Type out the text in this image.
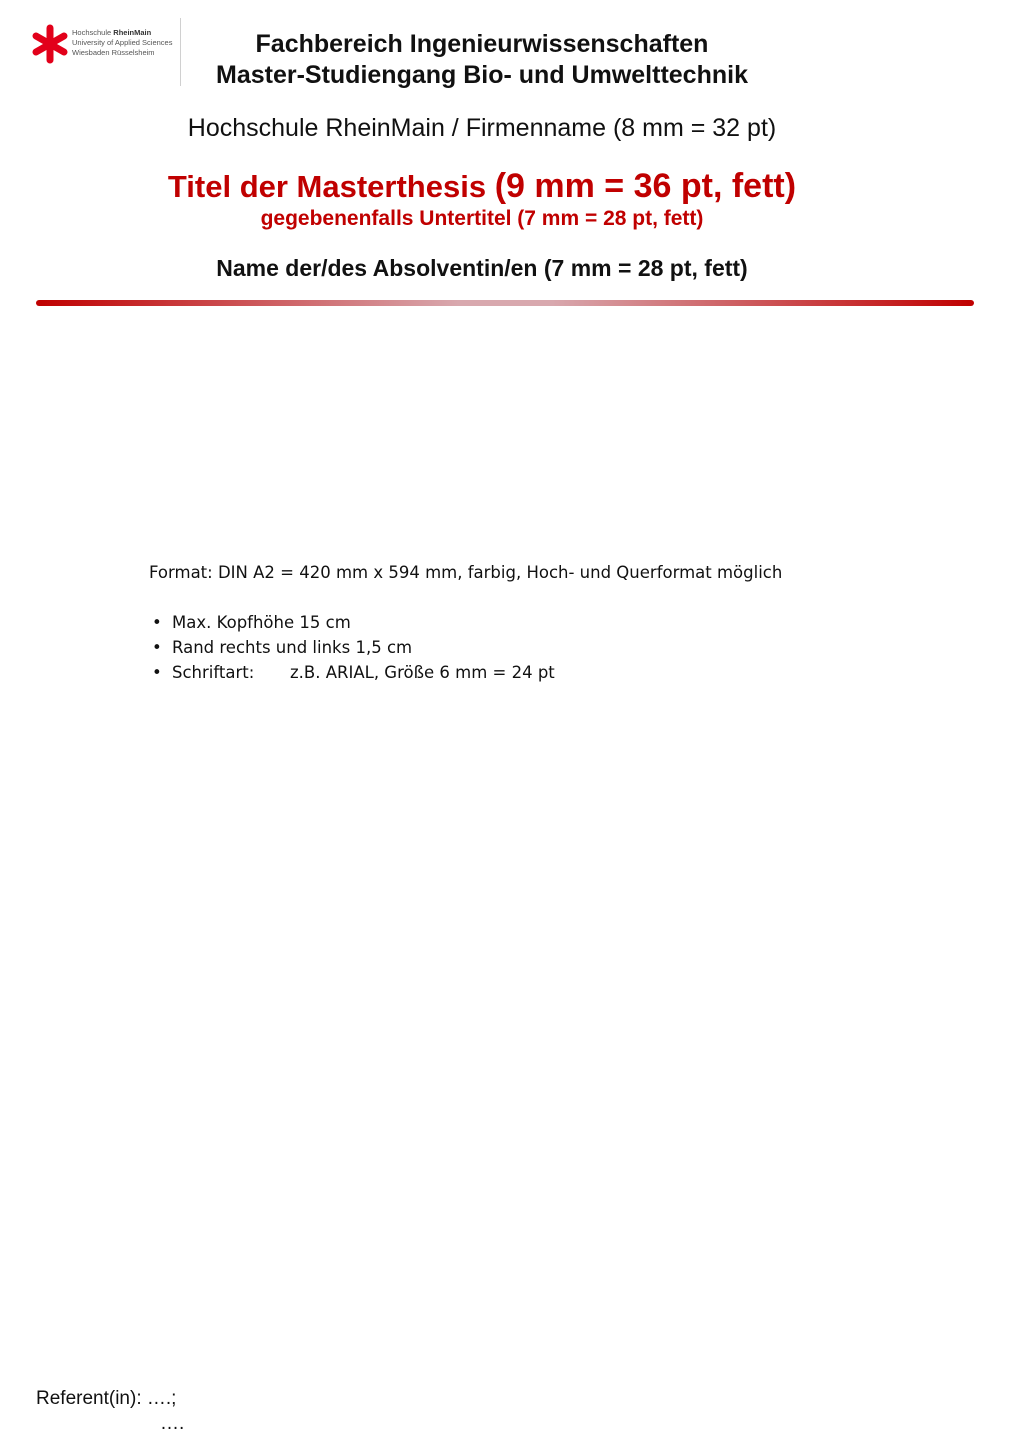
Hochschule RheinMain
University of Applied Sciences
Wiesbaden Rüsselsheim	Fachbereich Ingenieurwissenschaften
Master-Studiengang Bio- und Umwelttechnik
Hochschule RheinMain / Firmenname (8 mm = 32 pt)
Titel der Masterthesis (9 mm = 36 pt, fett)
gegebenenfalls Untertitel (7 mm = 28 pt, fett)
Name der/des Absolventin/en (7 mm = 28 pt, fett)
Format: DIN A2 = 420 mm x 594 mm, farbig, Hoch- und Querformat möglich
• Max. Kopfhöhe 15 cm
• Rand rechts und links 1,5 cm
• Schriftart: z.B. ARIAL, Größe 6 mm = 24 pt
Referent(in): ….;
….
